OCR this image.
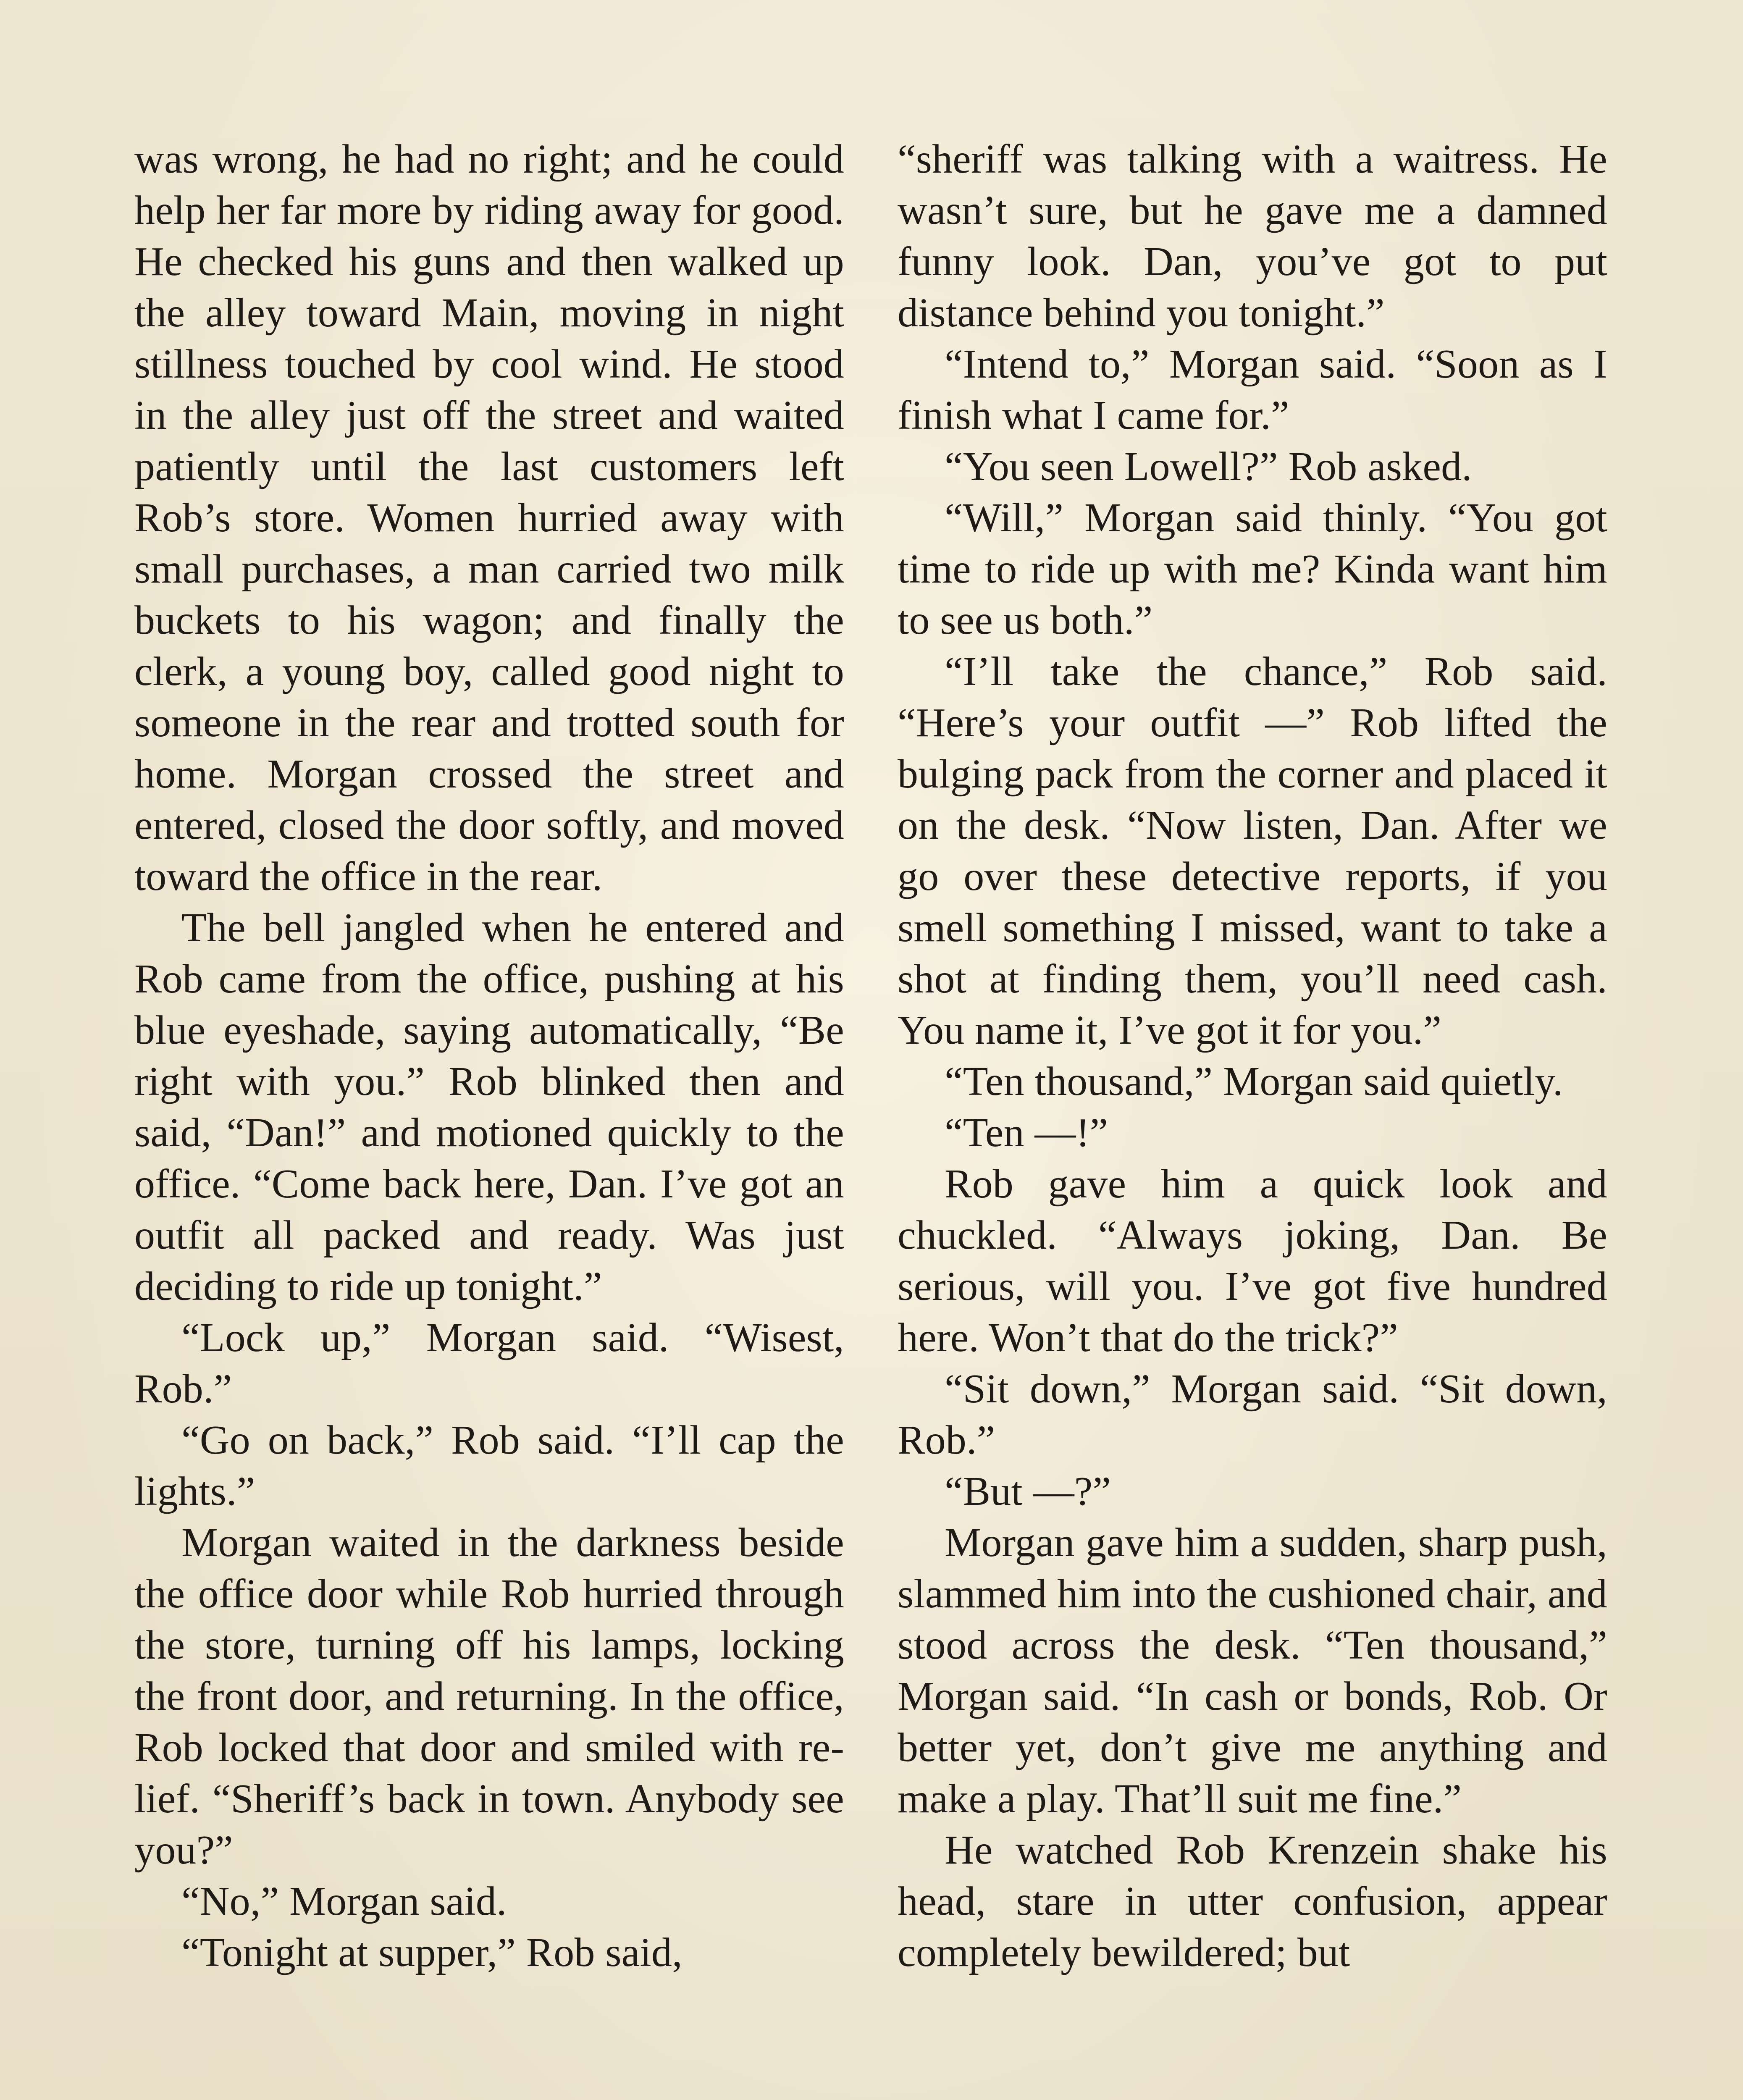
was wrong, he had no right; and he could help her far more by riding away for good. He checked his guns and then walked up the alley toward Main, moving in night stillness touched by cool wind. He stood in the alley just off the street and waited patiently until the last customers left Rob’s store. Women hurried away with small purchases, a man carried two milk buckets to his wagon; and finally the clerk, a young boy, called good night to someone in the rear and trotted south for home. Morgan crossed the street and entered, closed the door softly, and moved toward the office in the rear.

The bell jangled when he entered and Rob came from the office, pushing at his blue eyeshade, saying automatically, “Be right with you.” Rob blinked then and said, “Dan!” and motioned quickly to the office. “Come back here, Dan. I’ve got an outfit all packed and ready. Was just deciding to ride up tonight.”

“Lock up,” Morgan said. “Wisest, Rob.”

“Go on back,” Rob said. “I’ll cap the lights.”

Morgan waited in the darkness beside the office door while Rob hurried through the store, turning off his lamps, locking the front door, and returning. In the office, Rob locked that door and smiled with relief. “Sheriff’s back in town. Anybody see you?”

“No,” Morgan said.

“Tonight at supper,” Rob said,

“sheriff was talking with a waitress. He wasn’t sure, but he gave me a damned funny look. Dan, you’ve got to put distance behind you tonight.”

“Intend to,” Morgan said. “Soon as I finish what I came for.”

“You seen Lowell?” Rob asked.

“Will,” Morgan said thinly. “You got time to ride up with me? Kinda want him to see us both.”

“I’ll take the chance,” Rob said. “Here’s your outfit —” Rob lifted the bulging pack from the corner and placed it on the desk. “Now listen, Dan. After we go over these detective reports, if you smell something I missed, want to take a shot at finding them, you’ll need cash. You name it, I’ve got it for you.”

“Ten thousand,” Morgan said quietly.

“Ten —!”

Rob gave him a quick look and chuckled. “Always joking, Dan. Be serious, will you. I’ve got five hundred here. Won’t that do the trick?”

“Sit down,” Morgan said. “Sit down, Rob.”

“But —?”

Morgan gave him a sudden, sharp push, slammed him into the cushioned chair, and stood across the desk. “Ten thousand,” Morgan said. “In cash or bonds, Rob. Or better yet, don’t give me anything and make a play. That’ll suit me fine.”

He watched Rob Krenzein shake his head, stare in utter confusion, appear completely bewildered; but
